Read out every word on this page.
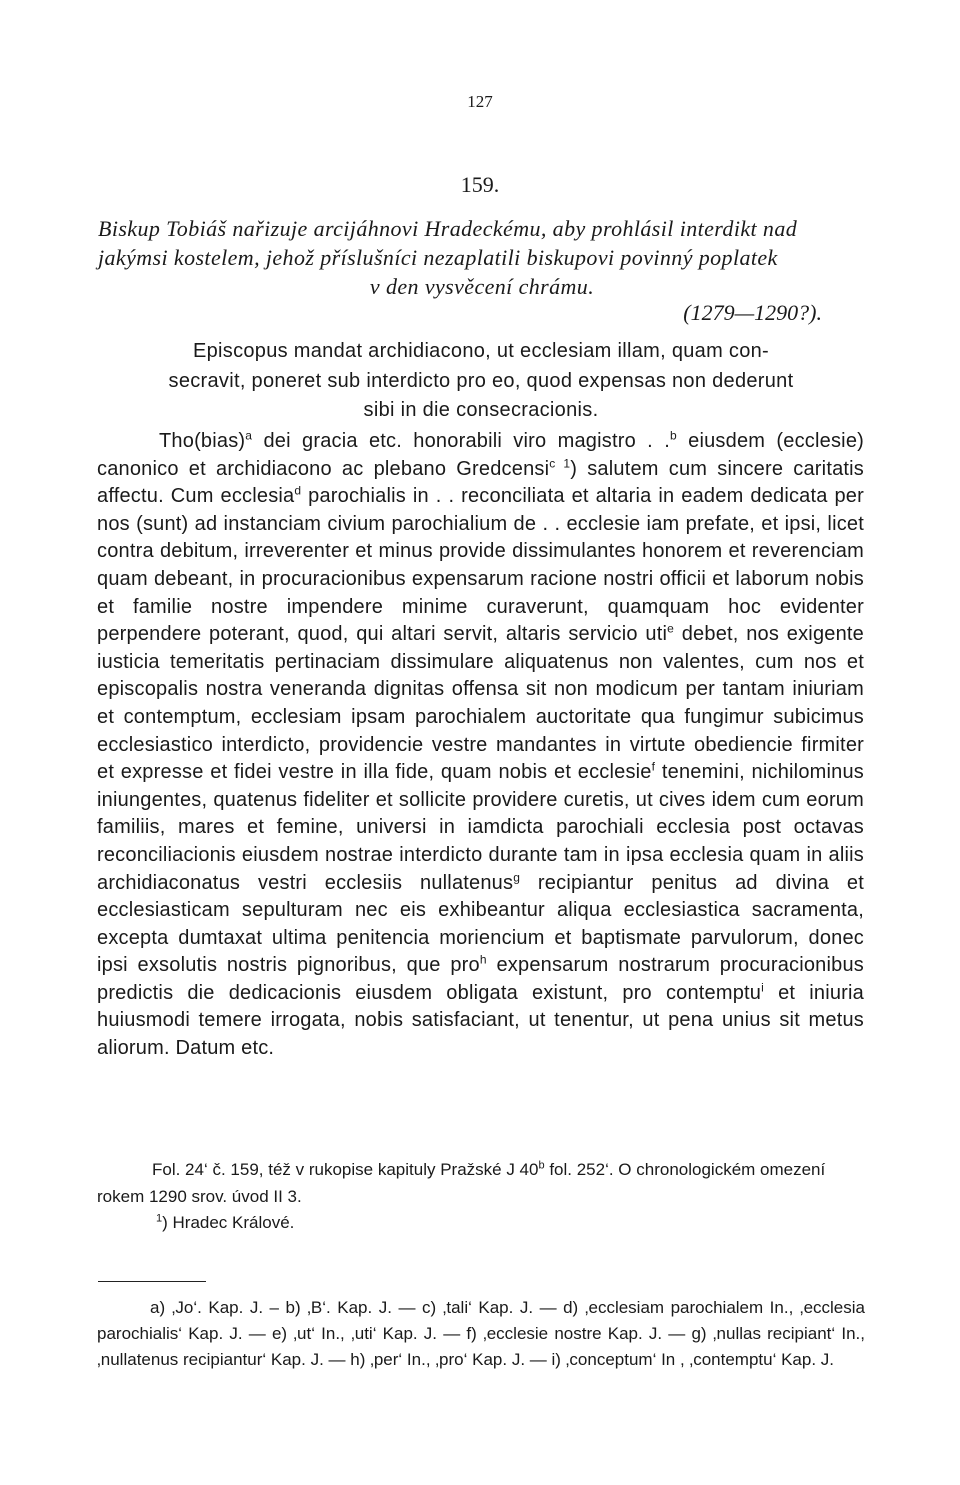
127
159.
Biskup Tobiáš nařizuje arcijáhnovi Hradeckému, aby prohlásil interdikt nad
jakýmsi kostelem, jehož příslušníci nezaplatili biskupovi povinný poplatek
v den vysvěcení chrámu.
(1279—1290?).
Episcopus mandat archidiacono, ut ecclesiam illam, quam con-
secravit, poneret sub interdicto pro eo, quod expensas non dederunt
sibi in die consecracionis.

Tho(bias)$^a$ dei gracia etc. honorabili viro magistro . .$^b$ eiusdem (ecclesie) canonico et archidiacono ac plebano Gredcensi$^c$ $^1$) salutem cum sincere caritatis affectu. Cum ecclesia$^d$ parochialis in . . reconciliata et altaria in eadem dedicata per nos (sunt) ad instanciam civium parochialium de . . ecclesie iam prefate, et ipsi, licet contra debitum, irreverenter et minus provide dissimulantes honorem et reverenciam quam debeant, in procuracionibus expensarum racione nostri officii et laborum nobis et familie nostre impendere minime curaverunt, quamquam hoc evidenter perpendere poterant, quod, qui altari servit, altaris servicio uti$^e$ debet, nos exigente iusticia temeritatis pertinaciam dissimulare aliquatenus non valentes, cum nos et episcopalis nostra veneranda dignitas offensa sit non modicum per tantam iniuriam et contemptum, ecclesiam ipsam parochialem auctoritate qua fungimur subicimus ecclesiastico interdicto, providencie vestre mandantes in virtute obediencie firmiter et expresse et fidei vestre in illa fide, quam nobis et ecclesie$^f$ tenemini, nichilominus iniungentes, quatenus fideliter et sollicite providere curetis, ut cives idem cum eorum familiis, mares et femine, universi in iamdicta parochiali ecclesia post octavas reconciliacionis eiusdem nostrae interdicto durante tam in ipsa ecclesia quam in aliis archidiaconatus vestri ecclesiis nullatenus$^g$ recipiantur penitus ad divina et ecclesiasticam sepulturam nec eis exhibeantur aliqua ecclesiastica sacramenta, excepta dumtaxat ultima penitencia moriencium et baptismate parvulorum, donec ipsi exsolutis nostris pignoribus, que pro$^h$ expensarum nostrarum procuracionibus predictis die dedicacionis eiusdem obligata existunt, pro contemptu$^i$ et iniuria huiusmodi temere irrogata, nobis satisfaciant, ut tenentur, ut pena unius sit metus aliorum. Datum etc.

Fol. 24‘ č. 159, též v rukopise kapituly Pražské J 40$^b$ fol. 252‘. O chronologickém omezení rokem 1290 srov. úvod II 3.

$^1$) Hradec Králové.

a) ‚Jo‘. Kap. J. – b) ‚B‘. Kap. J. — c) ‚tali‘ Kap. J. — d) ‚ecclesiam parochialem In., ‚ecclesia parochialis‘ Kap. J. — e) ‚ut‘ In., ‚uti‘ Kap. J. — f) ‚ecclesie nostre Kap. J. — g) ‚nullas recipiant‘ In., ‚nullatenus recipiantur‘ Kap. J. — h) ‚per‘ In., ‚pro‘ Kap. J. — i) ‚conceptum‘ In , ‚contemptu‘ Kap. J.
